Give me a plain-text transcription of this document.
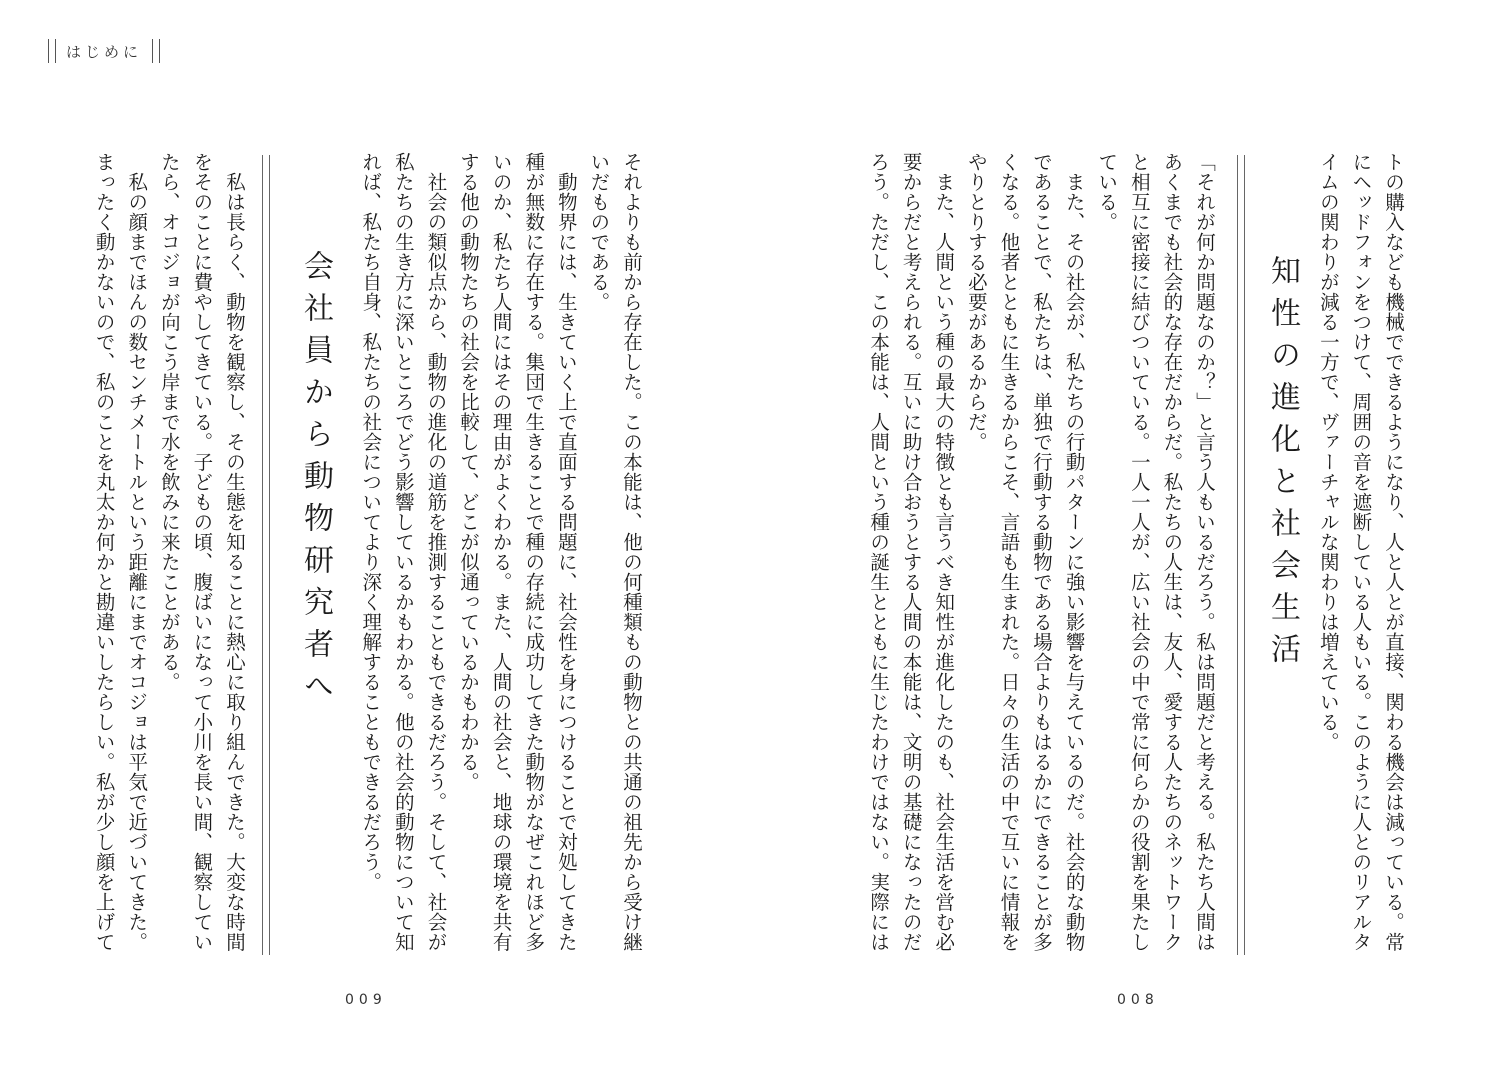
はじめに
トの購入なども機械でできるようになり、人と人とが直接、関わる機会は減っている。常
にヘッドフォンをつけて、周囲の音を遮断している人もいる。このように人とのリアルタ
イムの関わりが減る一方で、ヴァーチャルな関わりは増えている。
知性の進化と社会生活
「それが何か問題なのか？」と言う人もいるだろう。私は問題だと考える。私たち人間は
あくまでも社会的な存在だからだ。私たちの人生は、友人、愛する人たちのネットワーク
と相互に密接に結びついている。一人一人が、広い社会の中で常に何らかの役割を果たし
ている。
　また、その社会が、私たちの行動パターンに強い影響を与えているのだ。社会的な動物
であることで、私たちは、単独で行動する動物である場合よりもはるかにできることが多
くなる。他者とともに生きるからこそ、言語も生まれた。日々の生活の中で互いに情報を
やりとりする必要があるからだ。
　また、人間という種の最大の特徴とも言うべき知性が進化したのも、社会生活を営む必
要からだと考えられる。互いに助け合おうとする人間の本能は、文明の基礎になったのだ
ろう。ただし、この本能は、人間という種の誕生とともに生じたわけではない。実際には
008
それよりも前から存在した。この本能は、他の何種類もの動物との共通の祖先から受け継
いだものである。
　動物界には、生きていく上で直面する問題に、社会性を身につけることで対処してきた
種が無数に存在する。集団で生きることで種の存続に成功してきた動物がなぜこれほど多
いのか、私たち人間にはその理由がよくわかる。また、人間の社会と、地球の環境を共有
する他の動物たちの社会を比較して、どこが似通っているかもわかる。
　社会の類似点から、動物の進化の道筋を推測することもできるだろう。そして、社会が
私たちの生き方に深いところでどう影響しているかもわかる。他の社会的動物について知
れば、私たち自身、私たちの社会についてより深く理解することもできるだろう。
会社員から動物研究者へ
　私は長らく、動物を観察し、その生態を知ることに熱心に取り組んできた。大変な時間
をそのことに費やしてきている。子どもの頃、腹ばいになって小川を長い間、観察してい
たら、オコジョが向こう岸まで水を飲みに来たことがある。
　私の顔までほんの数センチメートルという距離にまでオコジョは平気で近づいてきた。
まったく動かないので、私のことを丸太か何かと勘違いしたらしい。私が少し顔を上げて
009
